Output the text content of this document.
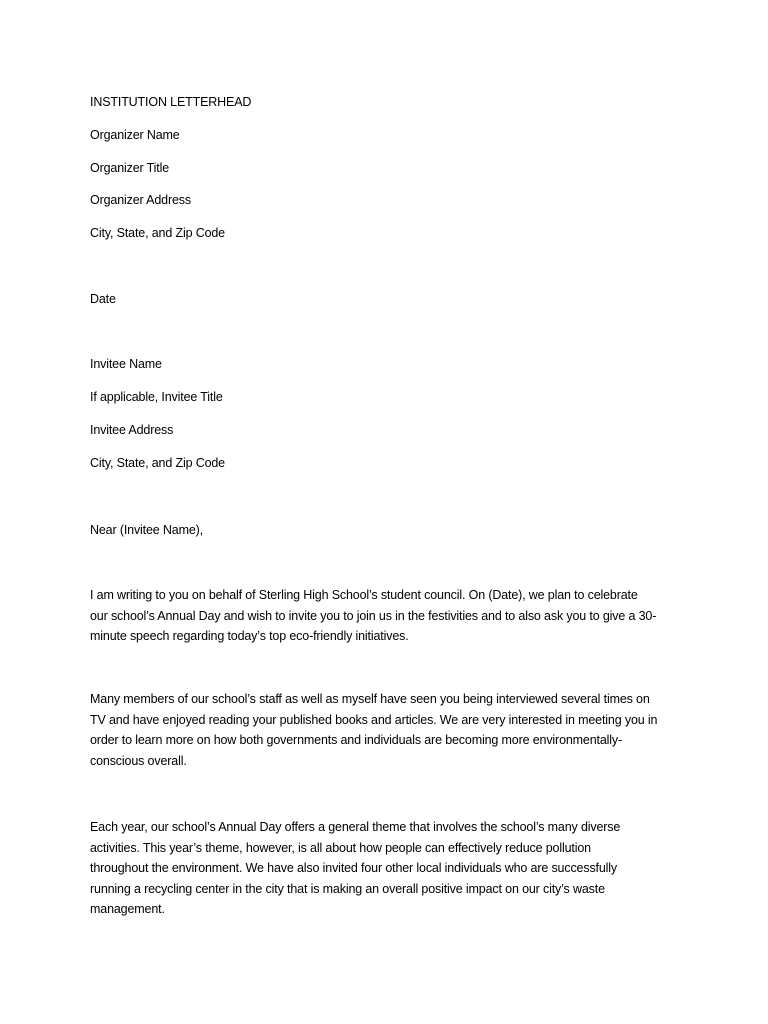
INSTITUTION LETTERHEAD

Organizer Name

Organizer Title

Organizer Address

City, State, and Zip Code

Date

Invitee Name

If applicable, Invitee Title

Invitee Address

City, State, and Zip Code

Near (Invitee Name),

I am writing to you on behalf of Sterling High School’s student council. On (Date), we plan to celebrate
our school’s Annual Day and wish to invite you to join us in the festivities and to also ask you to give a 30-
minute speech regarding today’s top eco-friendly initiatives.
Many members of our school’s staff as well as myself have seen you being interviewed several times on
TV and have enjoyed reading your published books and articles. We are very interested in meeting you in
order to learn more on how both governments and individuals are becoming more environmentally-
conscious overall.
Each year, our school’s Annual Day offers a general theme that involves the school’s many diverse
activities. This year’s theme, however, is all about how people can effectively reduce pollution
throughout the environment. We have also invited four other local individuals who are successfully
running a recycling center in the city that is making an overall positive impact on our city’s waste
management.
